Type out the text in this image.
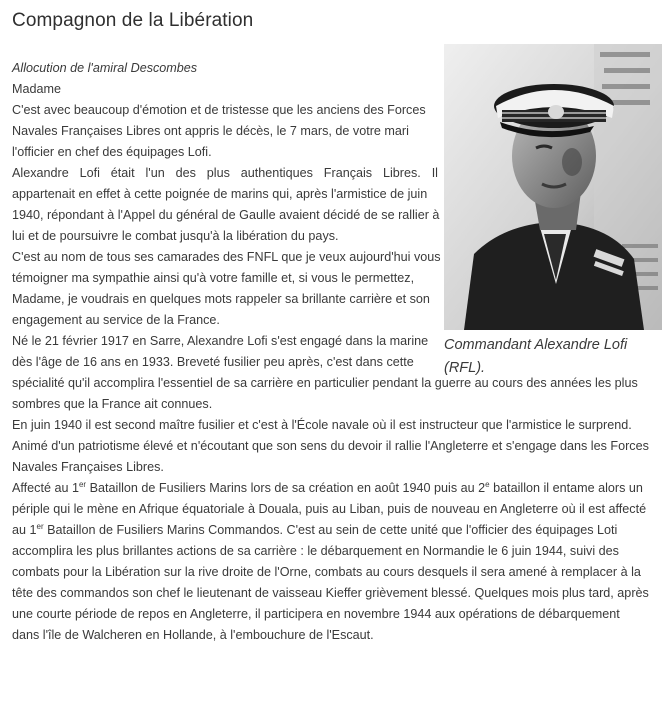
Compagnon de la Libération
Commandant Alexandre Lofi
(RFL).

Allocution de l'amiral Descombes

Madame

C'est avec beaucoup d'émotion et de tristesse que les anciens des Forces

Navales Françaises Libres ont appris le décès, le 7 mars, de votre mari

l'officier en chef des équipages Lofi.

Alexandre Lofi était l'un des plus authentiques Français Libres. Il

appartenait en effet à cette poignée de marins qui, après l'armistice de juin

1940, répondant à l'Appel du général de Gaulle avaient décidé de se rallier à

lui et de poursuivre le combat jusqu'à la libération du pays.

C'est au nom de tous ses camarades des FNFL que je veux aujourd'hui vous

témoigner ma sympathie ainsi qu'à votre famille et, si vous le permettez,

Madame, je voudrais en quelques mots rappeler sa brillante carrière et son

engagement au service de la France.

Né le 21 février 1917 en Sarre, Alexandre Lofi s'est engagé dans la marine

dès l'âge de 16 ans en 1933. Breveté fusilier peu après, c'est dans cette

spécialité qu'il accomplira l'essentiel de sa carrière en particulier pendant la guerre au cours des années les plus

sombres que la France ait connues.

En juin 1940 il est second maître fusilier et c'est à l'École navale où il est instructeur que l'armistice le surprend.

Animé d'un patriotisme élevé et n'écoutant que son sens du devoir il rallie l'Angleterre et s'engage dans les Forces

Navales Françaises Libres.

Affecté au 1er Bataillon de Fusiliers Marins lors de sa création en août 1940 puis au 2e bataillon il entame alors un

périple qui le mène en Afrique équatoriale à Douala, puis au Liban, puis de nouveau en Angleterre où il est affecté

au 1er Bataillon de Fusiliers Marins Commandos. C'est au sein de cette unité que l'officier des équipages Loti

accomplira les plus brillantes actions de sa carrière : le débarquement en Normandie le 6 juin 1944, suivi des

combats pour la Libération sur la rive droite de l'Orne, combats au cours desquels il sera amené à remplacer à la

tête des commandos son chef le lieutenant de vaisseau Kieffer grièvement blessé. Quelques mois plus tard, après

une courte période de repos en Angleterre, il participera en novembre 1944 aux opérations de débarquement

dans l'île de Walcheren en Hollande, à l'embouchure de l'Escaut.
